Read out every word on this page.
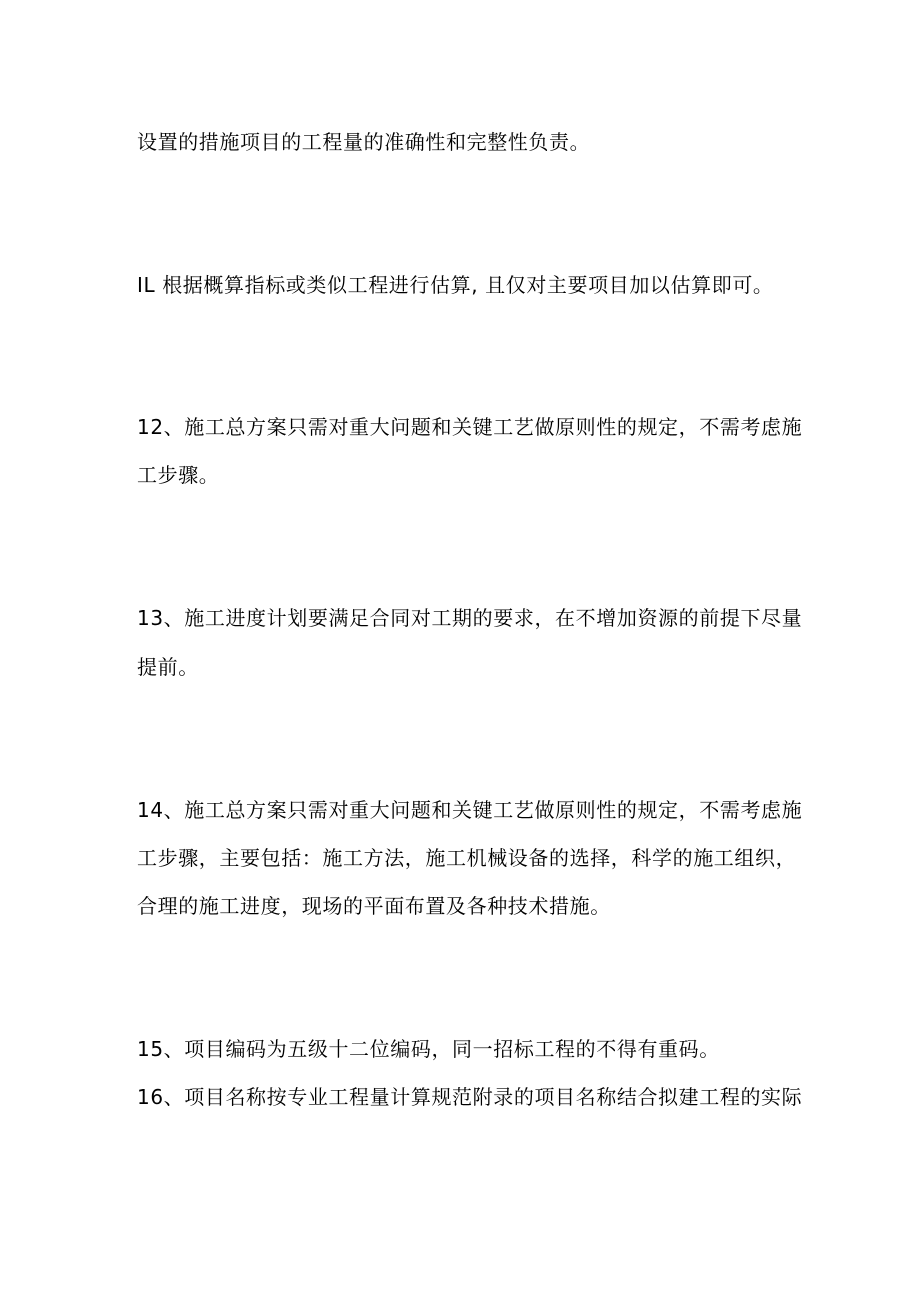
设置的措施项目的工程量的准确性和完整性负责。
IL 根据概算指标或类似工程进行估算, 且仅对主要项目加以估算即可。
12、施工总方案只需对重大问题和关键工艺做原则性的规定，不需考虑施
工步骤。
13、施工进度计划要满足合同对工期的要求，在不增加资源的前提下尽量
提前。
14、施工总方案只需对重大问题和关键工艺做原则性的规定，不需考虑施
工步骤，主要包括：施工方法，施工机械设备的选择，科学的施工组织，
合理的施工进度，现场的平面布置及各种技术措施。
15、项目编码为五级十二位编码，同一招标工程的不得有重码。
16、项目名称按专业工程量计算规范附录的项目名称结合拟建工程的实际
